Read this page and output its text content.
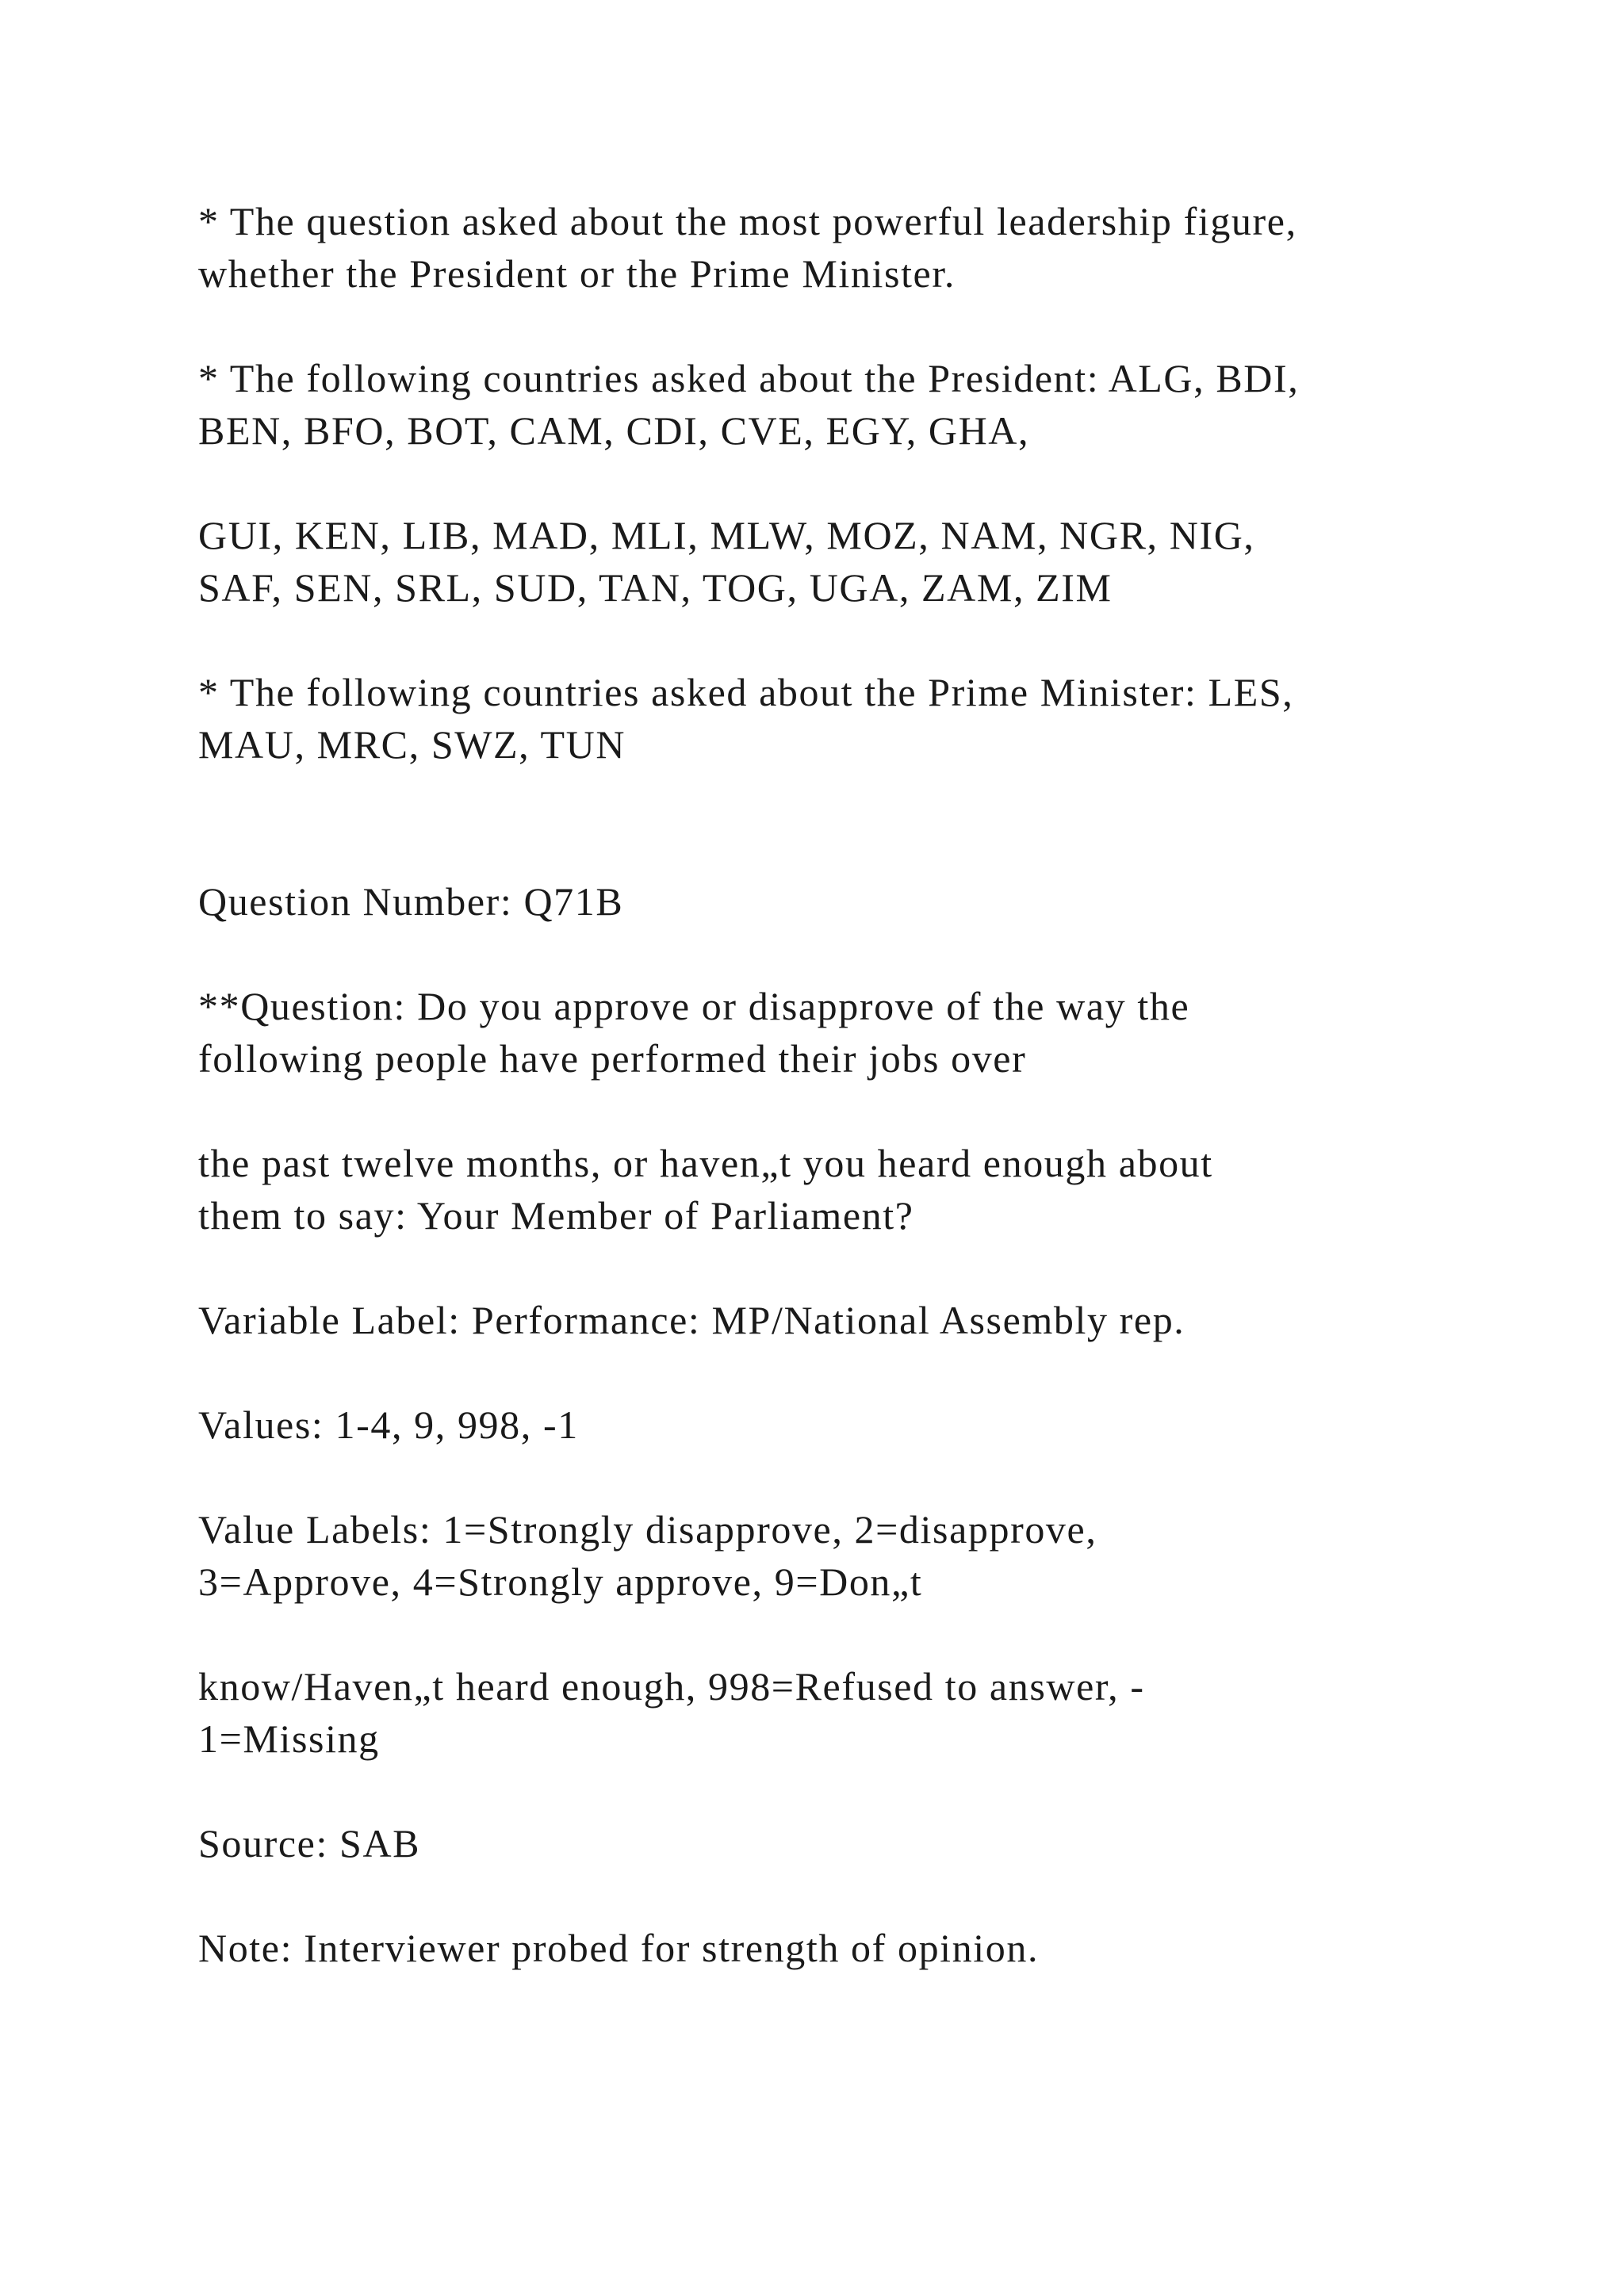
* The question asked about the most powerful leadership figure,

whether the President or the Prime Minister.

* The following countries asked about the President: ALG, BDI,

BEN, BFO, BOT, CAM, CDI, CVE, EGY, GHA,

GUI, KEN, LIB, MAD, MLI, MLW, MOZ, NAM, NGR, NIG,

SAF, SEN, SRL, SUD, TAN, TOG, UGA, ZAM, ZIM

* The following countries asked about the Prime Minister: LES,

MAU, MRC, SWZ, TUN

Question Number: Q71B

**Question: Do you approve or disapprove of the way the

following people have performed their jobs over

the past twelve months, or haven„t you heard enough about

them to say: Your Member of Parliament?

Variable Label: Performance: MP/National Assembly rep.

Values: 1-4, 9, 998, -1

Value Labels: 1=Strongly disapprove, 2=disapprove,

3=Approve, 4=Strongly approve, 9=Don„t

know/Haven„t heard enough, 998=Refused to answer, -

1=Missing

Source: SAB

Note: Interviewer probed for strength of opinion.
